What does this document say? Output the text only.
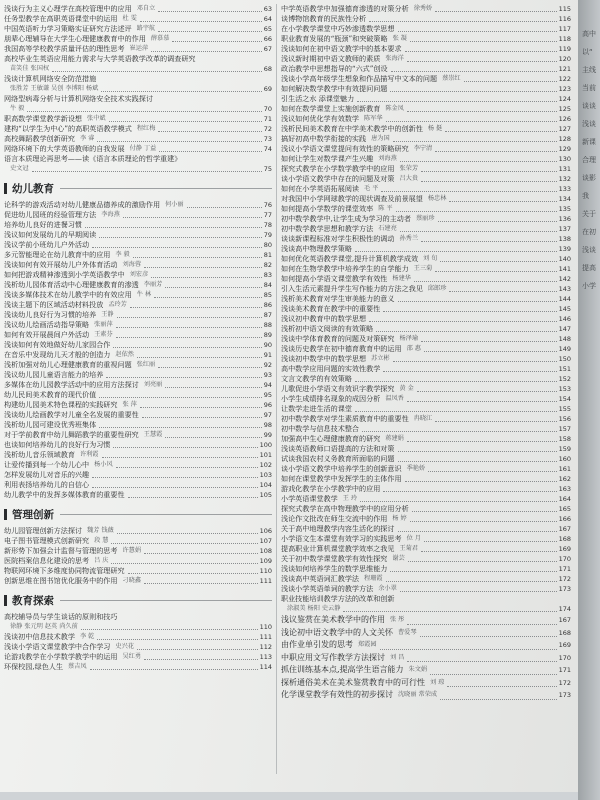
浅谈行为主义心理学在高校管理中的应用 邓自立	63
任务型教学在高职英语课堂中的运用 杜 雯	64
中国英语听力学习策略实证研究方法述评 路宇航	65
朋辈心理辅导在大学生心理健康教育中的作用 薛慕慕	66
我国高等学校教学质量评估的理性思考 崔运萍	67
高校毕业生英语应用能力需求与大学英语教学改革的调查研究
苗笑佳 张国权	68
浅谈计算机网络安全防范措施
张胜芳 王敏谦 吴创 李博阳 杨斌	69
网络型病毒分析与计算机网络安全技术实践探讨
牛 毅	70
职高数学课堂教学新设想 张中斌	71
建构“以学生为中心”的高职英语教学模式 程红梅	72
高校舞蹈教学创新研究 李 睿	73
网络环境下的大学英语教师的自我发展 付静 丁益	74
语言本质理论再思考——读《语言本质理论的哲学重建》
史文冠	75
幼儿教育
论科学的游戏活动对幼儿健康品德养成的激励作用 何小丽	76
促进幼儿园班的经验管理方法 李海燕	77
培养幼儿良好的进餐习惯	78
浅议如何发展幼儿的早期阅读	79
浅议学前小班幼儿户外活动	80
多元智能理论在幼儿教育中的应用 李 毅	81
浅谈如何有效开展幼儿户外体育活动 刘海蓉	82
如何把游戏精神渗透到小学英语教学中 刘宏彦	83
浅析幼儿园体育活动中心理健康教育的渗透 李丽芳	84
浅谈多媒体技术在幼儿教学中的有效应用 牛 林	85
浅谈主题下的区域活动材料投放 孟玲芳	86
浅谈幼儿良好行为习惯的培养 王静	87
浅议幼儿绘画活动指导策略 张丽萍	88
如何有效开展晨间户外活动 王素芬	89
浅谈如何有效地做好幼儿家园合作	90
在音乐中发现幼儿天才般的创造力 赵依然	91
浅析加强对幼儿心理健康教育的重视问题 张红丽	92
浅议幼儿园儿童语言能力的培养	93
多媒体在幼儿园教学活动中的应用方法探讨 刘亮丽	94
幼儿民间美术教育的现代价值	95
构建幼儿园美术特色课程的实践研究 张 萍	96
浅谈幼儿绘画教学对儿童全名发展的重要性	97
浅析幼儿园可建设优秀班集体	98
对于学前教育中幼儿舞蹈教学的重要性研究 王慧霞	99
也谈如何培养幼儿的良好行为习惯	100
浅析幼儿音乐领域教育 许利霞	101
让爱传播到每一个幼儿心中 杨小风	102
怎样发展幼儿对音乐的兴趣	103
利用表扬培养幼儿的自信心	104
幼儿教学中的发挥多媒体教育的重要性	105
管理创新
幼儿园管理创新方法探讨 魏芳 钱薇	106
电子图书管理模式创新研究 段 慧	107
新形势下加强会计监督与管理的思考 许慧娟	108
医院档案信息化建设的思考 吕 庆	109
物联网环境下多维度协同物流管理研究	110
创新思维在图书馆优化服务中的作用 刁晓鑫	111
教育探索
高校辅导员与学生谈话的原则和技巧
徐静 张元明 赵英 尚久前	110
浅谈初中信息技术教学 李 乾	111
浅谈小学语文课堂教学中合作学习 史兴花	112
论游戏教学在小学数学教学中的运用 吴红勇	113
环保校园,绿色人生 蔡吉凤	114
中学英语教学中加强德育渗透的对策分析 徐秀娇	115
谈博物馆教育的民族性分析	116
在小学教学课堂中巧妙渗透数学思想	117
职业教育发展的“瓶颈”和突破策略 张 凝	118
浅谈如何在初中语文教学中的基本要求	119
浅议新时期初中语文教师的素质 张海洋	120
政治教学中思想指导的“六式”创设	121
浅谈小学高年级学生想象和作品描写中文本的问题 蔡崇红	122
如何解决数学教学中有效提问问题	123
引生活之水 添课堂魅力	124
如何在数学课堂上实施创新教育 陈金凤	125
浅议如何优化学有效数学 陈军华	126
浅析民间美术教育在中学美术教学中的创新性 杨 挺	127
搞好初高中数学衔接的实践 唐为国	128
浅议小学语文课堂提问有效性的策略研究 李宁清	129
如何让学生对数学课产生兴趣 刘海燕	130
探究式教学在小学数学教学中的应用 张荣芳	131
谈小学语文教学中存在的问题及对策 吕大贵	132
如何在小学英语拓展阅读 毛 平	133
对我国中小学网球教学的现状调查及前景展望 杨忠林	134
如何提高小学数学的课堂效率 陈 平	135
初中数学教学中,让学生成为学习的主动者 蔡丽珍	136
初中数学教学思想和教学方法 石建亮	137
谈谈新课程标准对学生积极性的调动 孙秀兰	138
浅谈高中物理教学策略	139
如何优化英语教学课堂,提升计算机教学成效 刘 旬	140
如何在生物学教学中培养学生的自学能力 王三菊	141
如何提高小学语文课堂教学有效性 杨建华	142
引入生活元素提升学生写作能力的方法之我见 邱郎珍	143
浅析美术教育对学生审美能力的意义	144
浅谈美术教育在教学中的重要性	145
浅议初中教育中的数学思想	146
浅析初中语文阅读的有效策略	147
浅谈中学体育教育的问题及对策研究 杨泽瑜	148
浅谈历史教学在初中德育教育中的运用 邵 惠	149
浅谈初中数学中的数学思想 苏立彬	150
高中数学应用问题的实效性教学	151
文言文教学的有效策略	152
儿歌促进小学语文有效识字教学探究 黄 金	153
小学生成绩排名现象的成因分析 温凤香	154
让数学走进生活的课堂	155
初中数学教学对学生素质教育中的重要性 冉晓江	156
初中数学与信息技术整合	157
加强高中生心理健康教育的研究 蒋建娟	158
浅谈英语教师口语提高的方法和对策	159
试谈我国农村义务教育所面临的问题	160
谈小学语文教学中培养学生的创新意识 季艳娇	161
如何在课堂教学中发挥学生的主体作用	162
游戏化教学在小学教学中的应用	163
小学英语课堂教学 王 玲	164
探究式教学在高中物理教学中的应用分析	165
浅论作文批改在师生交流中的作用 杨 婷	166
关于高中地理教学内容生活化的探讨	167
小学语文生本课堂有效学习的实践思考 位 月	168
提高职业计算机课堂教学效率之我见 王菊君	169
关于初中数学课堂教学有效性探究 谢芸	170
浅谈如何培养学生的数学思维能力	171
浅谈高中英语词汇教学法 程珊霞	172
浅谈小学英语单词的教学方法 余小翠	173
职业技能培训教学方法的改革和创新
涂淑美 杨阳 史云静	174
浅议鉴赏在美术教学中的作用 张 彤	167
浅论初中语文教学中的人文关怀 曹爱琴	168
由作业单引发的思考 郑霞园	169
中职应用文写作教学方法探讨 刘 昌	170
抓住训练基本点,提高学生语言能力 朱文娟	171
探析通俗美术在美术鉴赏教育中的可行性 刘 琼	172
化学课堂教学有效性的初步探讨 沈晓丽 常荣成	173
高中
以“
主线
当前
谈谈
浅谈
新课
合理
谈影
我
关于
在初
浅谈
提高
小学
